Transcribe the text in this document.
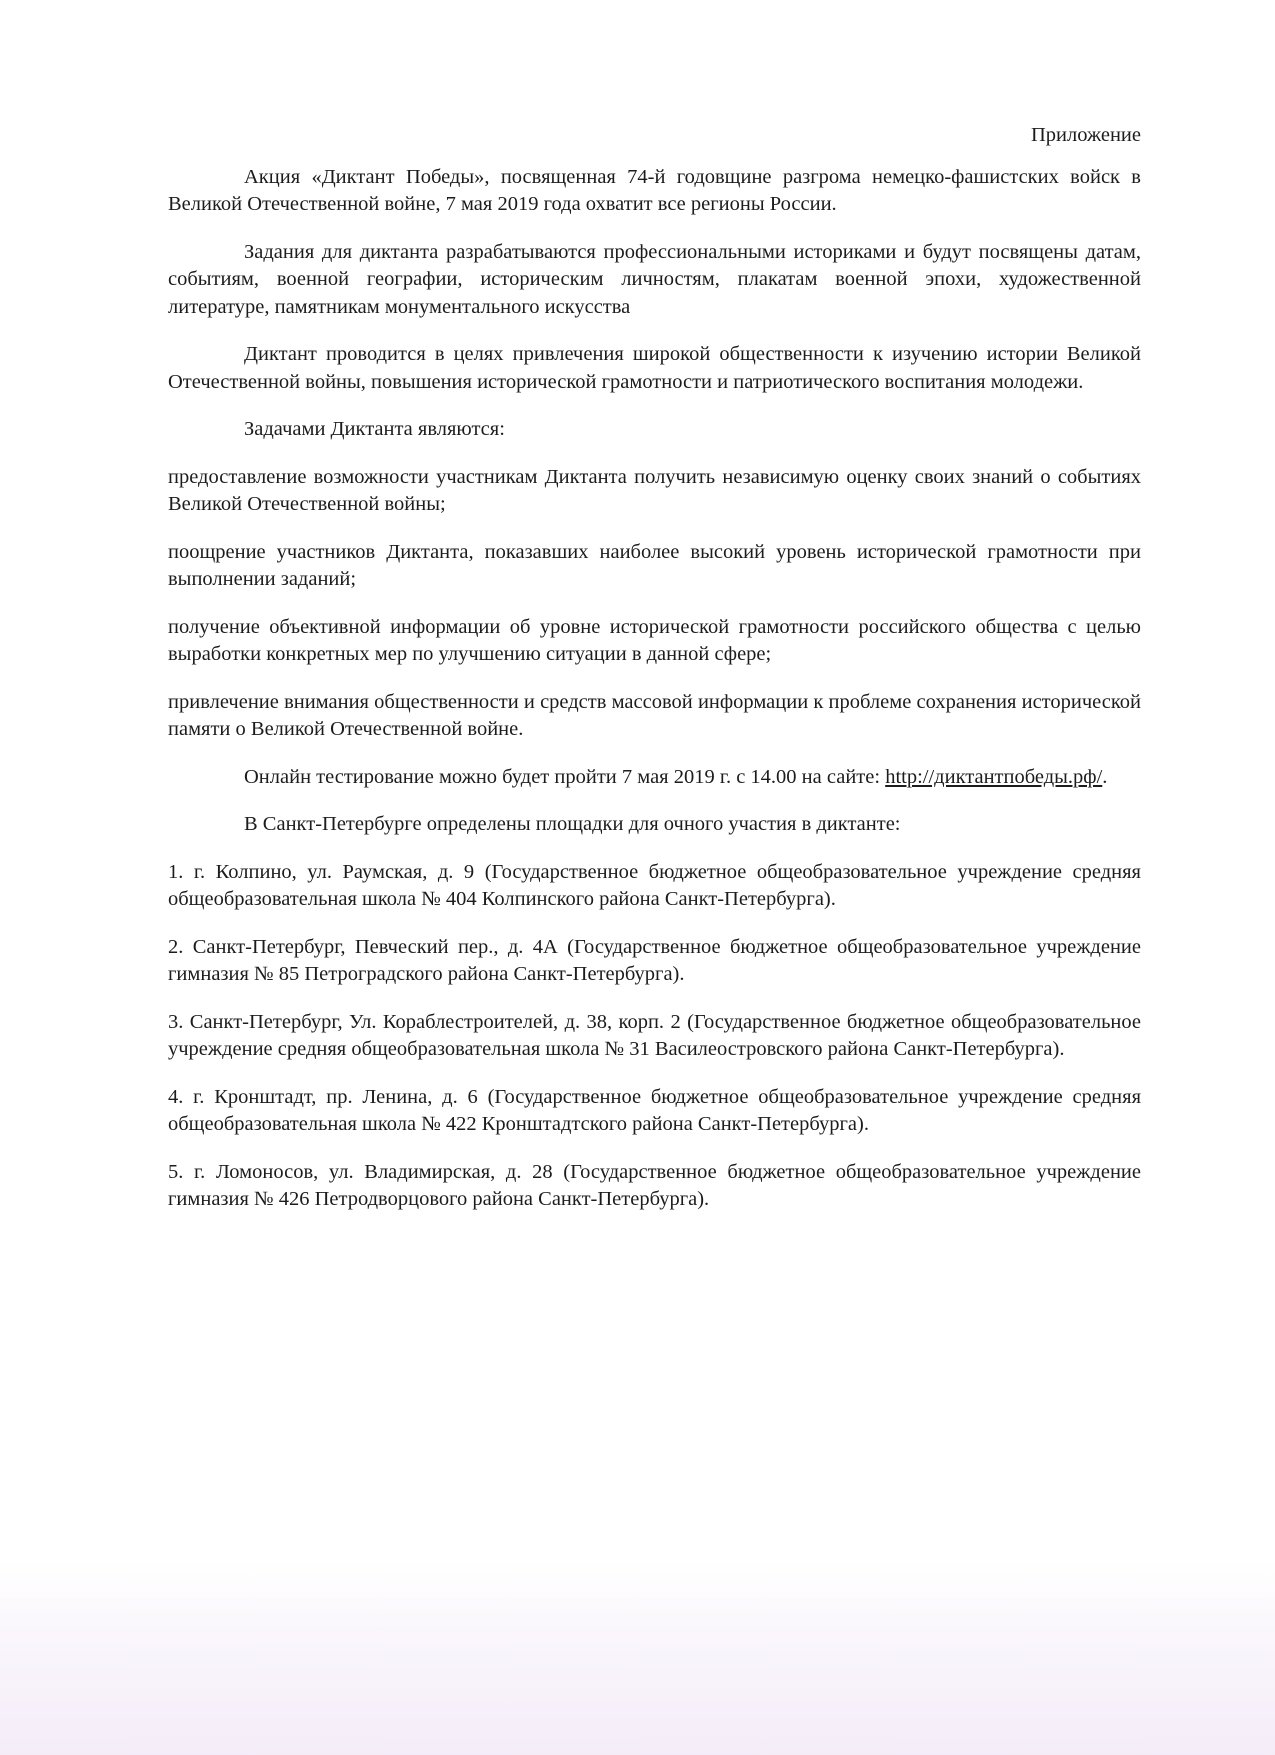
Приложение

Акция «Диктант Победы», посвященная 74-й годовщине разгрома немецко-фашистских войск в Великой Отечественной войне, 7 мая 2019 года охватит все регионы России.

Задания для диктанта разрабатываются профессиональными историками и будут посвящены датам, событиям, военной географии, историческим личностям, плакатам военной эпохи, художественной литературе, памятникам монументального искусства

Диктант проводится в целях привлечения широкой общественности к изучению истории Великой Отечественной войны, повышения исторической грамотности и патриотического воспитания молодежи.

Задачами Диктанта являются:

предоставление возможности участникам Диктанта получить независимую оценку своих знаний о событиях Великой Отечественной войны;

поощрение участников Диктанта, показавших наиболее высокий уровень исторической грамотности при выполнении заданий;

получение объективной информации об уровне исторической грамотности российского общества с целью выработки конкретных мер по улучшению ситуации в данной сфере;

привлечение внимания общественности и средств массовой информации к проблеме сохранения исторической памяти о Великой Отечественной войне.

Онлайн тестирование можно будет пройти 7 мая 2019 г. с 14.00 на сайте: http://диктантпобеды.рф/.

В Санкт-Петербурге определены площадки для очного участия в диктанте:

1. г. Колпино, ул. Раумская, д. 9 (Государственное бюджетное общеобразовательное учреждение средняя общеобразовательная школа № 404 Колпинского района Санкт-Петербурга).

2. Санкт-Петербург, Певческий пер., д. 4А (Государственное бюджетное общеобразовательное учреждение гимназия № 85 Петроградского района Санкт-Петербурга).

3. Санкт-Петербург, Ул. Кораблестроителей, д. 38, корп. 2 (Государственное бюджетное общеобразовательное учреждение средняя общеобразовательная школа № 31 Василеостровского района Санкт-Петербурга).

4. г. Кронштадт, пр. Ленина, д. 6 (Государственное бюджетное общеобразовательное учреждение средняя общеобразовательная школа № 422 Кронштадтского района Санкт-Петербурга).

5. г. Ломоносов, ул. Владимирская, д. 28 (Государственное бюджетное общеобразовательное учреждение гимназия № 426 Петродворцового района Санкт-Петербурга).
